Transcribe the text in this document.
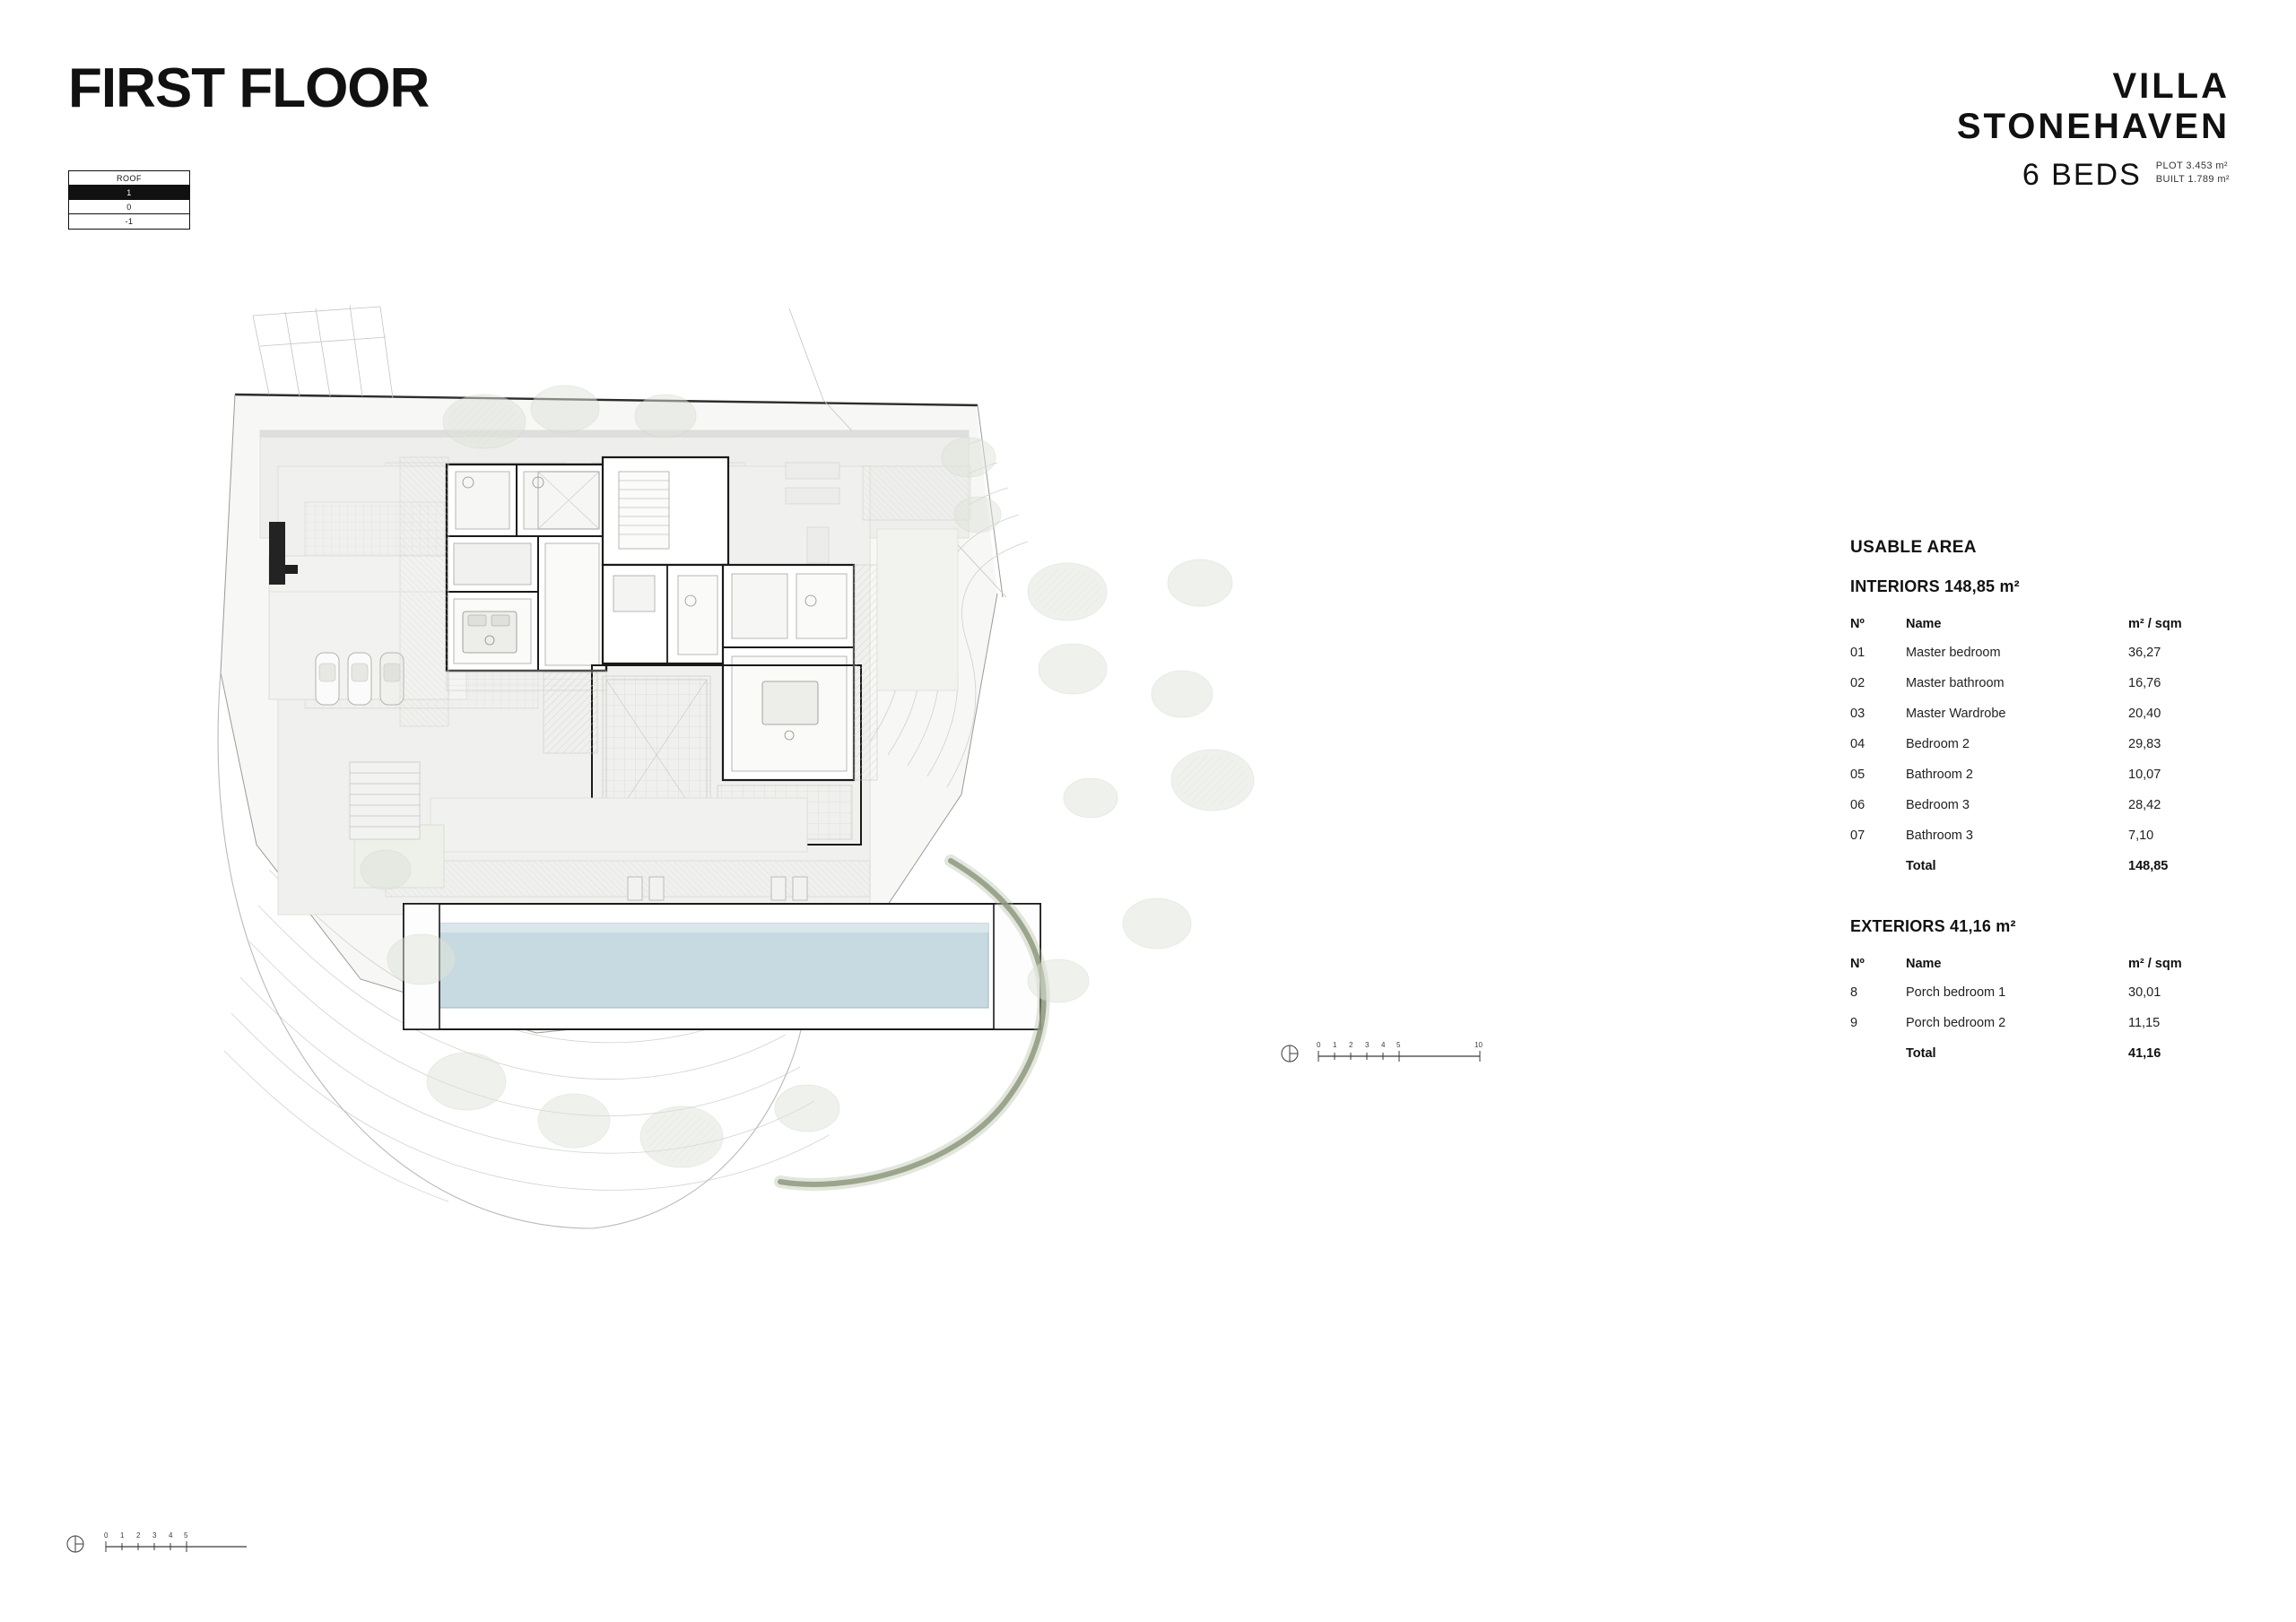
FIRST FLOOR
ROOF
1
0
-1
VILLA
STONEHAVEN
6 BEDS PLOT 3.453 m²
BUILT 1.789 m²
USABLE AREA
INTERIORS 148,85 m²
Nº	Name	m² / sqm
01	Master bedroom	36,27
02	Master bathroom	16,76
03	Master Wardrobe	20,40
04	Bedroom 2	29,83
05	Bathroom 2	10,07
06	Bedroom 3	28,42
07	Bathroom 3	7,10
	Total	148,85
EXTERIORS 41,16 m²
Nº	Name	m² / sqm
8	Porch bedroom 1	30,01
9	Porch bedroom 2	11,15
	Total	41,16
0 1 2 3 4 5	10
0 1 2 3 4 5
